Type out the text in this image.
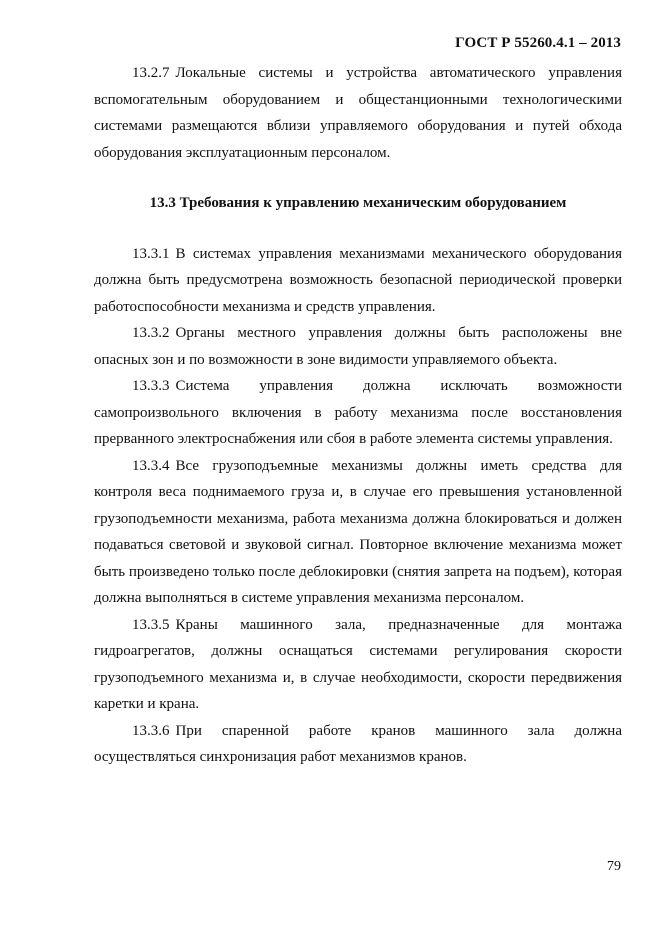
ГОСТ Р 55260.4.1 – 2013

13.2.7 Локальные системы и устройства автоматического управления вспомогательным оборудованием и общестанционными технологическими системами размещаются вблизи управляемого оборудования и путей обхода оборудования эксплуатационным персоналом.

13.3 Требования к управлению механическим оборудованием

13.3.1 В системах управления механизмами механического оборудования должна быть предусмотрена возможность безопасной периодической проверки работоспособности механизма и средств управления.

13.3.2 Органы местного управления должны быть расположены вне опасных зон и по возможности в зоне видимости управляемого объекта.

13.3.3 Система управления должна исключать возможности самопроизвольного включения в работу механизма после восстановления прерванного электроснабжения или сбоя в работе элемента системы управления.

13.3.4 Все грузоподъемные механизмы должны иметь средства для контроля веса поднимаемого груза и, в случае его превышения установленной грузоподъемности механизма, работа механизма должна блокироваться и должен подаваться световой и звуковой сигнал. Повторное включение механизма может быть произведено только после деблокировки (снятия запрета на подъем), которая должна выполняться в системе управления механизма персоналом.

13.3.5 Краны машинного зала, предназначенные для монтажа гидроагрегатов, должны оснащаться системами регулирования скорости грузоподъемного механизма и, в случае необходимости, скорости передвижения каретки и крана.

13.3.6 При спаренной работе кранов машинного зала должна осуществляться синхронизация работ механизмов кранов.

79
